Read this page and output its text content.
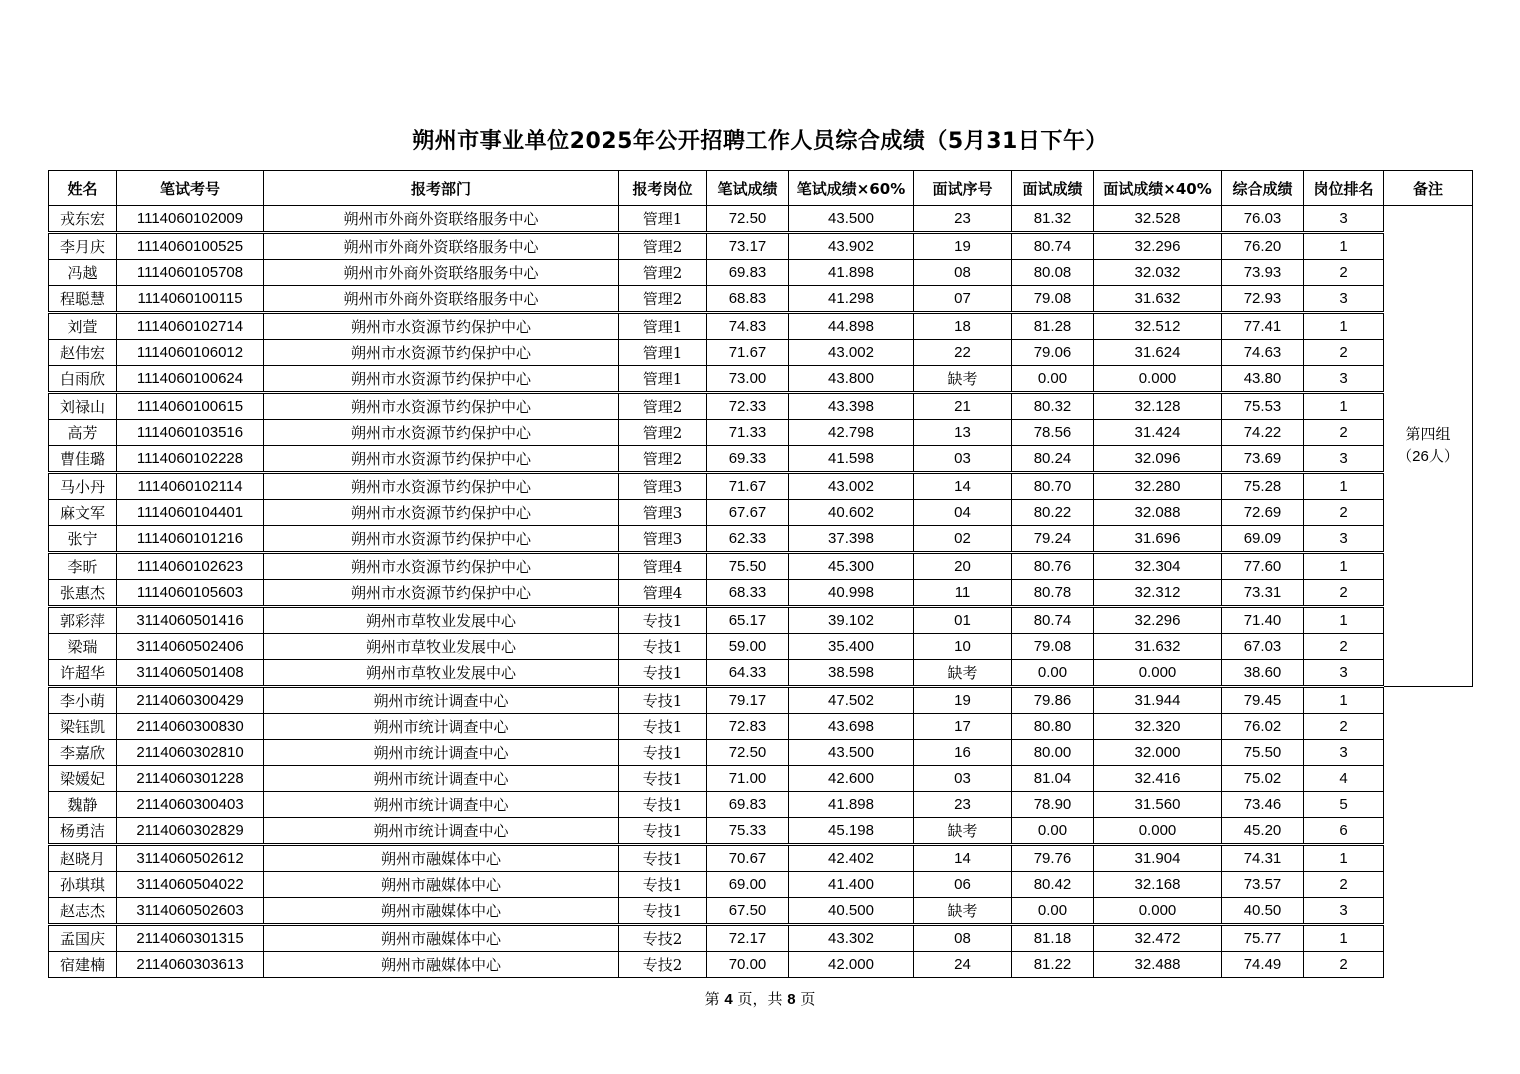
朔州市事业单位2025年公开招聘工作人员综合成绩（5月31日下午）
姓名	笔试考号	报考部门	报考岗位	笔试成绩	笔试成绩×60%	面试序号	面试成绩	面试成绩×40%	综合成绩	岗位排名	备注
戎东宏	1114060102009	朔州市外商外资联络服务中心	管理1	72.50	43.500	23	81.32	32.528	76.03	3	第四组
（26人）

李月庆	1114060100525	朔州市外商外资联络服务中心	管理2	73.17	43.902	19	80.74	32.296	76.20	1	
冯越	1114060105708	朔州市外商外资联络服务中心	管理2	69.83	41.898	08	80.08	32.032	73.93	2	
程聪慧	1114060100115	朔州市外商外资联络服务中心	管理2	68.83	41.298	07	79.08	31.632	72.93	3	
刘萱	1114060102714	朔州市水资源节约保护中心	管理1	74.83	44.898	18	81.28	32.512	77.41	1	
赵伟宏	1114060106012	朔州市水资源节约保护中心	管理1	71.67	43.002	22	79.06	31.624	74.63	2	
白雨欣	1114060100624	朔州市水资源节约保护中心	管理1	73.00	43.800	缺考	0.00	0.000	43.80	3	
刘禄山	1114060100615	朔州市水资源节约保护中心	管理2	72.33	43.398	21	80.32	32.128	75.53	1	
高芳	1114060103516	朔州市水资源节约保护中心	管理2	71.33	42.798	13	78.56	31.424	74.22	2	
曹佳璐	1114060102228	朔州市水资源节约保护中心	管理2	69.33	41.598	03	80.24	32.096	73.69	3	
马小丹	1114060102114	朔州市水资源节约保护中心	管理3	71.67	43.002	14	80.70	32.280	75.28	1	
麻文军	1114060104401	朔州市水资源节约保护中心	管理3	67.67	40.602	04	80.22	32.088	72.69	2	
张宁	1114060101216	朔州市水资源节约保护中心	管理3	62.33	37.398	02	79.24	31.696	69.09	3	
李昕	1114060102623	朔州市水资源节约保护中心	管理4	75.50	45.300	20	80.76	32.304	77.60	1	
张惠杰	1114060105603	朔州市水资源节约保护中心	管理4	68.33	40.998	11	80.78	32.312	73.31	2	
郭彩萍	3114060501416	朔州市草牧业发展中心	专技1	65.17	39.102	01	80.74	32.296	71.40	1	
梁瑞	3114060502406	朔州市草牧业发展中心	专技1	59.00	35.400	10	79.08	31.632	67.03	2	
许超华	3114060501408	朔州市草牧业发展中心	专技1	64.33	38.598	缺考	0.00	0.000	38.60	3	
李小萌	2114060300429	朔州市统计调查中心	专技1	79.17	47.502	19	79.86	31.944	79.45	1	
梁钰凯	2114060300830	朔州市统计调查中心	专技1	72.83	43.698	17	80.80	32.320	76.02	2	
李嘉欣	2114060302810	朔州市统计调查中心	专技1	72.50	43.500	16	80.00	32.000	75.50	3	
梁媛妃	2114060301228	朔州市统计调查中心	专技1	71.00	42.600	03	81.04	32.416	75.02	4	
魏静	2114060300403	朔州市统计调查中心	专技1	69.83	41.898	23	78.90	31.560	73.46	5	
杨勇洁	2114060302829	朔州市统计调查中心	专技1	75.33	45.198	缺考	0.00	0.000	45.20	6	
赵晓月	3114060502612	朔州市融媒体中心	专技1	70.67	42.402	14	79.76	31.904	74.31	1	
孙琪琪	3114060504022	朔州市融媒体中心	专技1	69.00	41.400	06	80.42	32.168	73.57	2	
赵志杰	3114060502603	朔州市融媒体中心	专技1	67.50	40.500	缺考	0.00	0.000	40.50	3	
孟国庆	2114060301315	朔州市融媒体中心	专技2	72.17	43.302	08	81.18	32.472	75.77	1	
宿建楠	2114060303613	朔州市融媒体中心	专技2	70.00	42.000	24	81.22	32.488	74.49	2	
第 4 页，共 8 页
